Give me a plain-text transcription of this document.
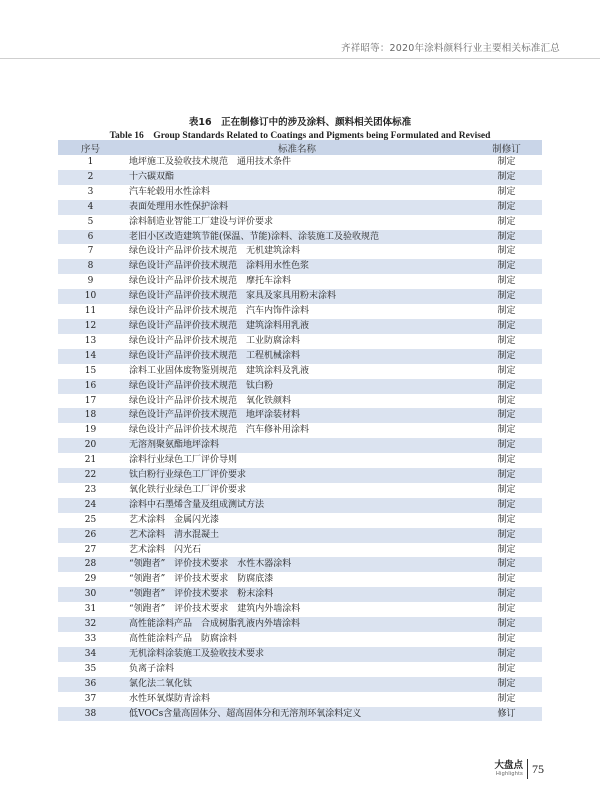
齐祥昭等：2020年涂料颜料行业主要相关标准汇总
表16　正在制修订中的涉及涂料、颜料相关团体标准
Table 16　Group Standards Related to Coatings and Pigments being Formulated and Revised
序号	标准名称	制修订
1	地坪施工及验收技术规范　通用技术条件	制定
2	十六碳双酯	制定
3	汽车轮毂用水性涂料	制定
4	表面处理用水性保护涂料	制定
5	涂料制造业智能工厂建设与评价要求	制定
6	老旧小区改造建筑节能(保温、节能)涂料、涂装施工及验收规范	制定
7	绿色设计产品评价技术规范　无机建筑涂料	制定
8	绿色设计产品评价技术规范　涂料用水性色浆	制定
9	绿色设计产品评价技术规范　摩托车涂料	制定
10	绿色设计产品评价技术规范　家具及家具用粉末涂料	制定
11	绿色设计产品评价技术规范　汽车内饰件涂料	制定
12	绿色设计产品评价技术规范　建筑涂料用乳液	制定
13	绿色设计产品评价技术规范　工业防腐涂料	制定
14	绿色设计产品评价技术规范　工程机械涂料	制定
15	涂料工业固体废物鉴别规范　建筑涂料及乳液	制定
16	绿色设计产品评价技术规范　钛白粉	制定
17	绿色设计产品评价技术规范　氧化铁颜料	制定
18	绿色设计产品评价技术规范　地坪涂装材料	制定
19	绿色设计产品评价技术规范　汽车修补用涂料	制定
20	无溶剂聚氨酯地坪涂料	制定
21	涂料行业绿色工厂评价导则	制定
22	钛白粉行业绿色工厂评价要求	制定
23	氧化铁行业绿色工厂评价要求	制定
24	涂料中石墨烯含量及组成测试方法	制定
25	艺术涂料　金属闪光漆	制定
26	艺术涂料　清水混凝土	制定
27	艺术涂料　闪光石	制定
28	“领跑者”　评价技术要求　水性木器涂料	制定
29	“领跑者”　评价技术要求　防腐底漆	制定
30	“领跑者”　评价技术要求　粉末涂料	制定
31	“领跑者”　评价技术要求　建筑内外墙涂料	制定
32	高性能涂料产品　合成树脂乳液内外墙涂料	制定
33	高性能涂料产品　防腐涂料	制定
34	无机涂料涂装施工及验收技术要求	制定
35	负离子涂料	制定
36	氯化法二氧化钛	制定
37	水性环氧煤防青涂料	制定
38	低VOCs含量高固体分、超高固体分和无溶剂环氧涂料定义	修订
大盘点
Highlights 75
